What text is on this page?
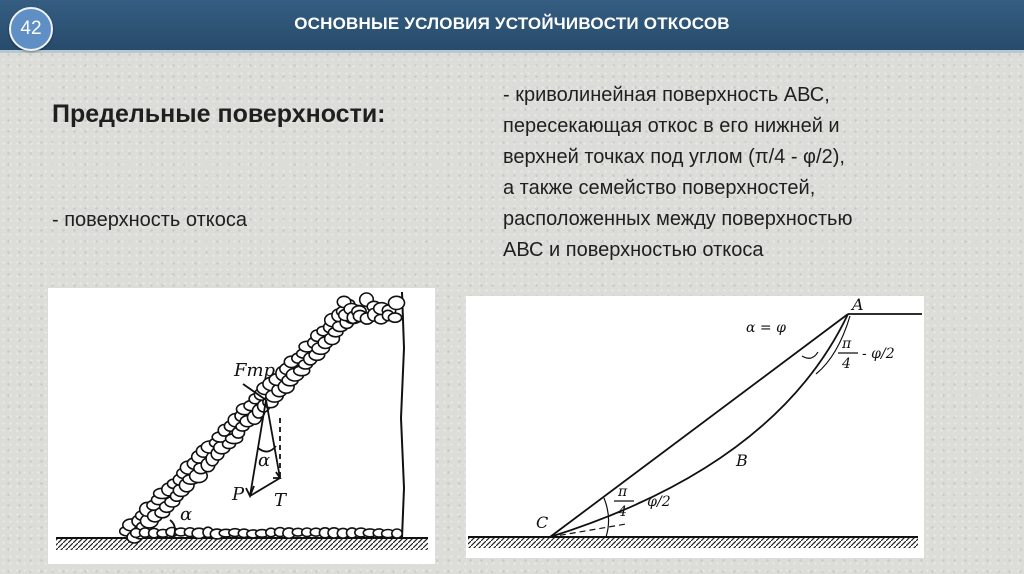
42	ОСНОВНЫЕ УСЛОВИЯ УСТОЙЧИВОСТИ ОТКОСОВ
Предельные поверхности:
- поверхность откоса
- криволинейная поверхность АВС,
пересекающая откос в его нижней и
верхней точках под углом (π/4 - φ/2),
а также семейство поверхностей,
расположенных между поверхностью
АВС и поверхностью откоса
Fтр
α
α
P T
A
B
C
α = φ
π
4
- φ/2
π
4
- φ/2
